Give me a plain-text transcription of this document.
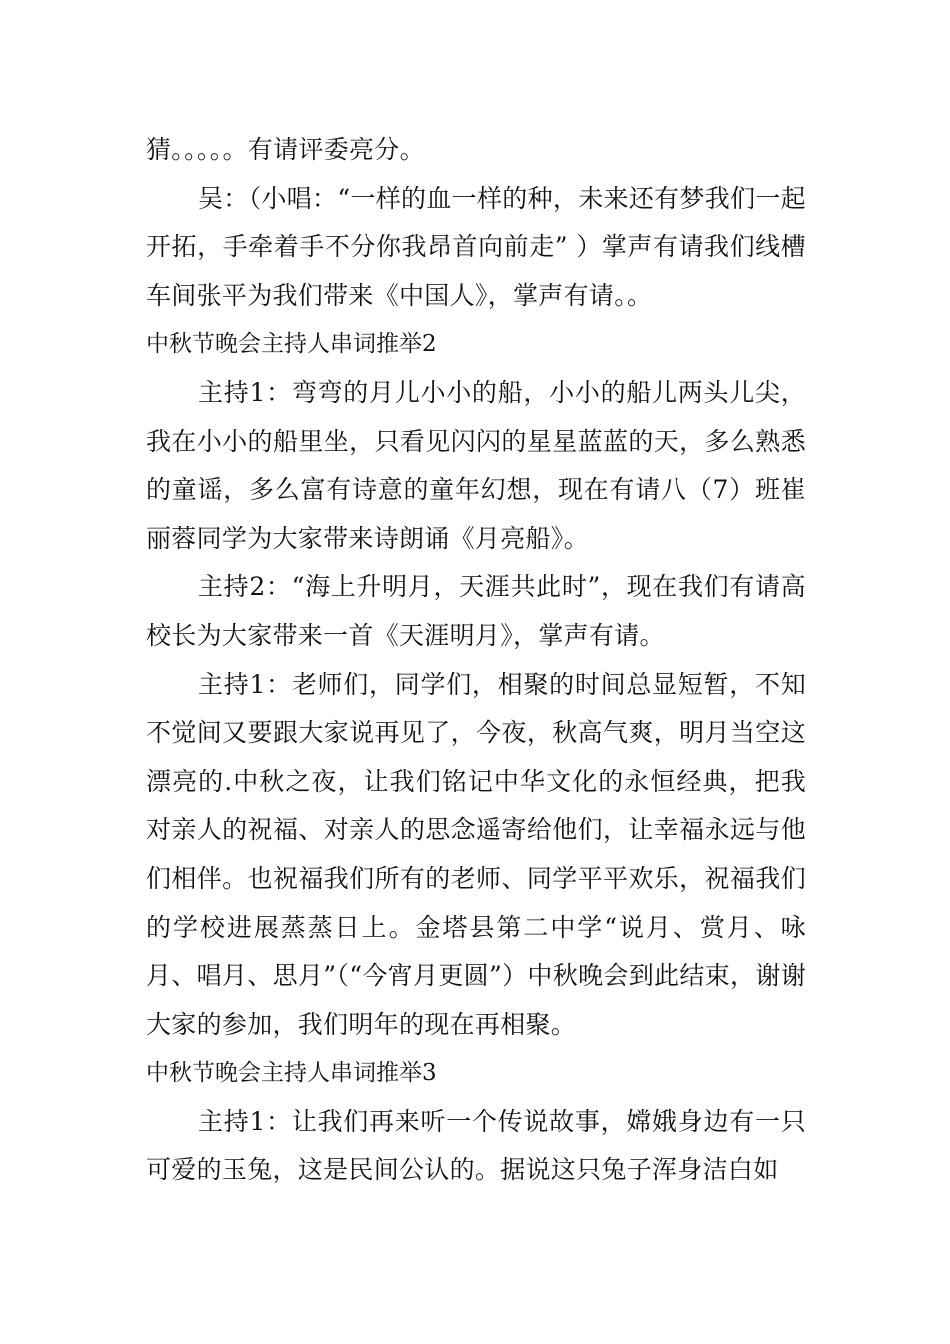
猜。。。。。有请评委亮分。

吴：（小唱：“一样的血一样的种，未来还有梦我们一起开拓，手牵着手不分你我昂首向前走” ）掌声有请我们线槽车间张平为我们带来《中国人》，掌声有请。。

中秋节晚会主持人串词推举2

主持1：弯弯的月儿小小的船，小小的船儿两头儿尖，我在小小的船里坐，只看见闪闪的星星蓝蓝的天，多么熟悉的童谣，多么富有诗意的童年幻想，现在有请八（7）班崔丽蓉同学为大家带来诗朗诵《月亮船》。

主持2：“海上升明月，天涯共此时”，现在我们有请高校长为大家带来一首《天涯明月》，掌声有请。

主持1：老师们，同学们，相聚的时间总显短暂，不知不觉间又要跟大家说再见了，今夜，秋高气爽，明月当空这漂亮的.中秋之夜，让我们铭记中华文化的永恒经典，把我对亲人的祝福、对亲人的思念遥寄给他们，让幸福永远与他们相伴。也祝福我们所有的老师、同学平平欢乐，祝福我们的学校进展蒸蒸日上。金塔县第二中学“说月、赏月、咏月、唱月、思月”（“今宵月更圆”）中秋晚会到此结束，谢谢大家的参加，我们明年的现在再相聚。

中秋节晚会主持人串词推举3

主持1：让我们再来听一个传说故事，嫦娥身边有一只可爱的玉兔，这是民间公认的。据说这只兔子浑身洁白如
